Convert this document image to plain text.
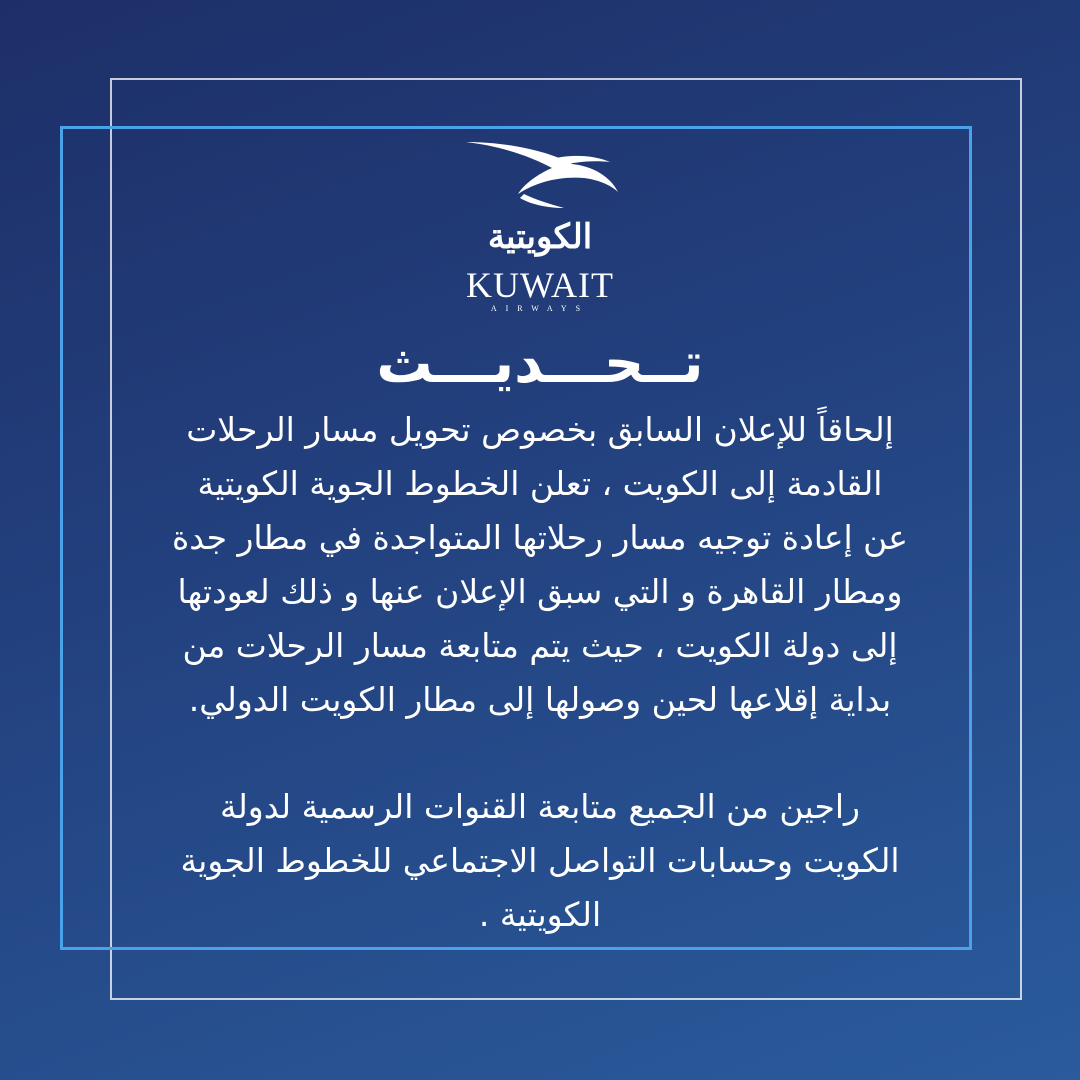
الكويتية
KUWAIT
AIRWAYS
تــحـــديـــث

إلحاقاً للإعلان السابق بخصوص تحويل مسار الرحلات
القادمة إلى الكويت ، تعلن الخطوط الجوية الكويتية
عن إعادة توجيه مسار رحلاتها المتواجدة في مطار جدة
ومطار القاهرة و التي سبق الإعلان عنها و ذلك لعودتها
إلى دولة الكويت ، حيث يتم متابعة مسار الرحلات من
بداية إقلاعها لحين وصولها إلى مطار الكويت الدولي.

راجين من الجميع متابعة القنوات الرسمية لدولة
الكويت وحسابات التواصل الاجتماعي للخطوط الجوية
الكويتية .
